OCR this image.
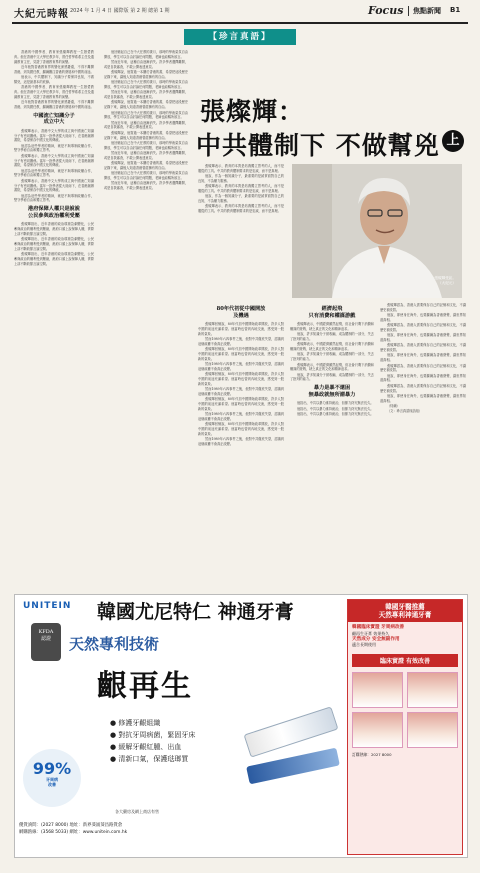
大紀元時報 2024 年 1 月 4 日 國際版 第 2 期 總第 1 期	Focus 焦點新聞 B1
【珍言真語】

香港的中國學者、教育家張燦輝教授一生熱愛教育。他在香港中文大學任教多年，曾任哲學系系主任及通識教育主任，見證了香港教育界的演變。

近年他對香港教育界的變化深感憂慮，不得不離開香港，到英國任教，繼續關注香港的發展和中國的前途。

他表示，中共體制下，知識分子要保持良知，不做幫兇，這是最基本的底線。

香港的中國學者、教育家張燦輝教授一生熱愛教育。他在香港中文大學任教多年，曾任哲學系系主任及通識教育主任，見證了香港教育界的演變。

近年他對香港教育界的變化深感憂慮，不得不離開香港，到英國任教，繼續關注香港的發展和中國的前途。

中國流亡知識分子
成立中大

張燦輝表示，香港中文大學的成立與中國流亡知識分子有密切關係。當年一批學者從大陸南下，在香港創辦書院，希望保存中國文化的傳統。

他認為這些學者的精神，就是不與專制政權合作，堅守學術自由和獨立思考。

張燦輝表示，香港中文大學的成立與中國流亡知識分子有密切關係。當年一批學者從大陸南下，在香港創辦書院，希望保存中國文化的傳統。

他認為這些學者的精神，就是不與專制政權合作，堅守學術自由和獨立思考。

張燦輝表示，香港中文大學的成立與中國流亡知識分子有密切關係。當年一批學者從大陸南下，在香港創辦書院，希望保存中國文化的傳統。

他認為這些學者的精神，就是不與專制政權合作，堅守學術自由和獨立思考。

港府保障人權只是說說
公民參與政治權利受壓

張燦輝指出，近年香港的政治環境急劇變化，公民參與政治的權利受到壓縮，港府口頭上說保障人權，實際上卻不斷收緊言論空間。

張燦輝指出，近年香港的政治環境急劇變化，公民參與政治的權利受到壓縮，港府口頭上說保障人權，實際上卻不斷收緊言論空間。

張燦輝指出，近年香港的政治環境急劇變化，公民參與政治的權利受到壓縮，港府口頭上說保障人權，實際上卻不斷收緊言論空間。

他回憶起自己在中大任教的歲月，那時的學術氣氛自由開放，學生可以自由討論任何問題，老師也能暢所欲言。

然而近年來，這種自由逐漸消失。許多學者選擇離開，或是自我審查，不敢公開表達意見。

張燦輝說，他寫過一本關於香港的書，希望把這段歷史記錄下來，讓後人知道香港曾經擁有的自由。

他回憶起自己在中大任教的歲月，那時的學術氣氛自由開放，學生可以自由討論任何問題，老師也能暢所欲言。

然而近年來，這種自由逐漸消失。許多學者選擇離開，或是自我審查，不敢公開表達意見。

張燦輝說，他寫過一本關於香港的書，希望把這段歷史記錄下來，讓後人知道香港曾經擁有的自由。

他回憶起自己在中大任教的歲月，那時的學術氣氛自由開放，學生可以自由討論任何問題，老師也能暢所欲言。

然而近年來，這種自由逐漸消失。許多學者選擇離開，或是自我審查，不敢公開表達意見。

張燦輝說，他寫過一本關於香港的書，希望把這段歷史記錄下來，讓後人知道香港曾經擁有的自由。

他回憶起自己在中大任教的歲月，那時的學術氣氛自由開放，學生可以自由討論任何問題，老師也能暢所欲言。

然而近年來，這種自由逐漸消失。許多學者選擇離開，或是自我審查，不敢公開表達意見。

張燦輝說，他寫過一本關於香港的書，希望把這段歷史記錄下來，讓後人知道香港曾經擁有的自由。

他回憶起自己在中大任教的歲月，那時的學術氣氛自由開放，學生可以自由討論任何問題，老師也能暢所欲言。

然而近年來，這種自由逐漸消失。許多學者選擇離開，或是自我審查，不敢公開表達意見。

張燦輝：
中共體制下 不做幫兇 上

張燦輝表示，教育的本質是培養獨立思考的人，而不是服從的工具。中共的教育體制要求的是忠誠，而不是真理。

他說，作為一個知識分子，最重要的是誠實面對自己的良知，不為權力服務。

張燦輝表示，教育的本質是培養獨立思考的人，而不是服從的工具。中共的教育體制要求的是忠誠，而不是真理。

他說，作為一個知識分子，最重要的是誠實面對自己的良知，不為權力服務。

張燦輝表示，教育的本質是培養獨立思考的人，而不是服從的工具。中共的教育體制要求的是忠誠，而不是真理。

張燦輝受訪。
（大紀元）
80年代初從中國開放
及機遇

張燦輝回憶說，80年代初中國開始改革開放，許多人對中國的前途充滿希望。他當時也曾到內地交流，感受到一股新的氣象。

然而1989年六四事件之後，他對中共徹底失望，認識到這個政權不會真正改變。

張燦輝回憶說，80年代初中國開始改革開放，許多人對中國的前途充滿希望。他當時也曾到內地交流，感受到一股新的氣象。

然而1989年六四事件之後，他對中共徹底失望，認識到這個政權不會真正改變。

張燦輝回憶說，80年代初中國開始改革開放，許多人對中國的前途充滿希望。他當時也曾到內地交流，感受到一股新的氣象。

然而1989年六四事件之後，他對中共徹底失望，認識到這個政權不會真正改變。

張燦輝回憶說，80年代初中國開始改革開放，許多人對中國的前途充滿希望。他當時也曾到內地交流，感受到一股新的氣象。

然而1989年六四事件之後，他對中共徹底失望，認識到這個政權不會真正改變。

張燦輝回憶說，80年代初中國開始改革開放，許多人對中國的前途充滿希望。他當時也曾到內地交流，感受到一股新的氣象。

然而1989年六四事件之後，他對中共徹底失望，認識到這個政權不會真正改變。

經濟起飛
只有消費和權謀游戲

張燦輝表示，中國經濟雖然起飛，但社會只剩下消費和權謀的遊戲，缺乏真正的文化和精神追求。

他說，許多知識分子被收編，成為體制的一部分，失去了批判的能力。

張燦輝表示，中國經濟雖然起飛，但社會只剩下消費和權謀的遊戲，缺乏真正的文化和精神追求。

他說，許多知識分子被收編，成為體制的一部分，失去了批判的能力。

張燦輝表示，中國經濟雖然起飛，但社會只剩下消費和權謀的遊戲，缺乏真正的文化和精神追求。

他說，許多知識分子被收編，成為體制的一部分，失去了批判的能力。

暴力是暴不還困
無暴政就無所謂暴力

他指出，中共以暴力維持統治，但暴力終究無法長久。

他指出，中共以暴力維持統治，但暴力終究無法長久。

他指出，中共以暴力維持統治，但暴力終究無法長久。

張燦輝認為，香港人需要保存自己的記憶和文化，不讓歷史被改寫。

他說，即使身在海外，也要繼續為香港發聲，讓世界知道真相。

張燦輝認為，香港人需要保存自己的記憶和文化，不讓歷史被改寫。

他說，即使身在海外，也要繼續為香港發聲，讓世界知道真相。

張燦輝認為，香港人需要保存自己的記憶和文化，不讓歷史被改寫。

他說，即使身在海外，也要繼續為香港發聲，讓世界知道真相。

張燦輝認為，香港人需要保存自己的記憶和文化，不讓歷史被改寫。

他說，即使身在海外，也要繼續為香港發聲，讓世界知道真相。

張燦輝認為，香港人需要保存自己的記憶和文化，不讓歷史被改寫。

他說，即使身在海外，也要繼續為香港發聲，讓世界知道真相。

（待續）

（文：珍言真語採訪組）

UNITEIN 韓國尤尼特仁 神通牙膏
KFDA
認證	天然專利技術
齦再生
● 修護牙齦組織
● 對抗牙周病菌，緊固牙床
● 緩解牙齦紅腫、出血
● 清新口氣，保護琺瑯質
99%
牙周病
改善
各大藥房及網上商店有售
優貨詢問：(2027 8000) 地址：新界葵涌葵昌路貨倉
網購熱線：(3568 5033) 網址：www.unitein.com.hk
韓國牙醫推薦
天然專利神通牙膏
韓國臨床實證 牙周病改善
齦再生牙膏 效果持久
天然成分 安全無副作用
適合長期使用
臨床實證 有效改善
訂購熱線：2027 8000
